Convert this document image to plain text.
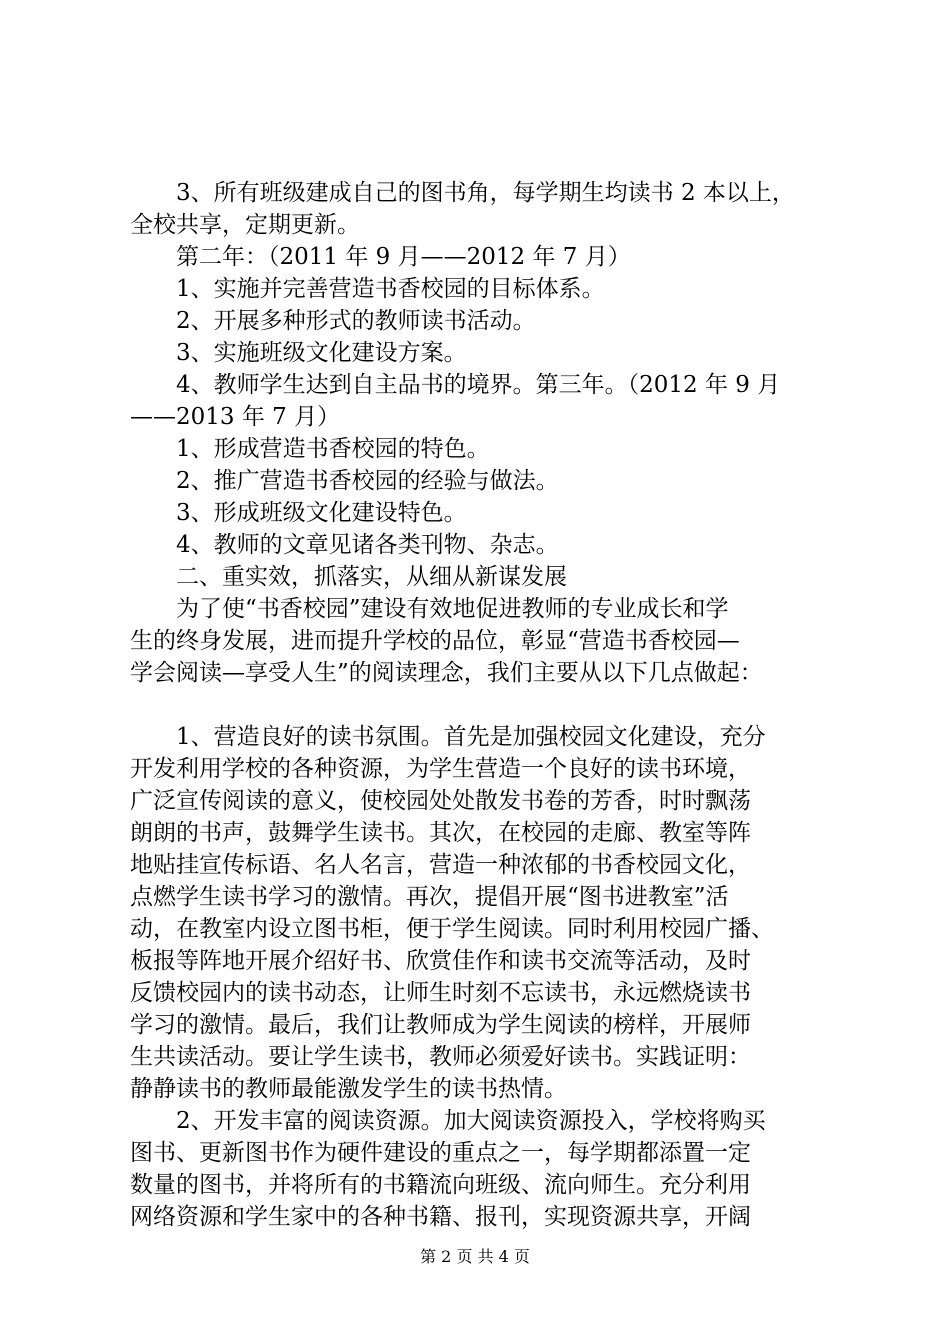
　　3、所有班级建成自己的图书角，每学期生均读书 2 本以上，
全校共享，定期更新。
　　第二年：（2011 年 9 月——2012 年 7 月）
　　1、实施并完善营造书香校园的目标体系。
　　2、开展多种形式的教师读书活动。
　　3、实施班级文化建设方案。
　　4、教师学生达到自主品书的境界。第三年。（2012 年 9 月
——2013 年 7 月）
　　1、形成营造书香校园的特色。
　　2、推广营造书香校园的经验与做法。
　　3、形成班级文化建设特色。
　　4、教师的文章见诸各类刊物、杂志。
　　二、重实效，抓落实，从细从新谋发展
　　为了使“书香校园”建设有效地促进教师的专业成长和学
生的终身发展，进而提升学校的品位，彰显“营造书香校园—
学会阅读—享受人生”的阅读理念，我们主要从以下几点做起：
　　1、营造良好的读书氛围。首先是加强校园文化建设，充分
开发利用学校的各种资源，为学生营造一个良好的读书环境，
广泛宣传阅读的意义，使校园处处散发书卷的芳香，时时飘荡
朗朗的书声，鼓舞学生读书。其次，在校园的走廊、教室等阵
地贴挂宣传标语、名人名言，营造一种浓郁的书香校园文化，
点燃学生读书学习的激情。再次，提倡开展“图书进教室”活
动，在教室内设立图书柜，便于学生阅读。同时利用校园广播、
板报等阵地开展介绍好书、欣赏佳作和读书交流等活动，及时
反馈校园内的读书动态，让师生时刻不忘读书，永远燃烧读书
学习的激情。最后，我们让教师成为学生阅读的榜样，开展师
生共读活动。要让学生读书，教师必须爱好读书。实践证明：
静静读书的教师最能激发学生的读书热情。
　　2、开发丰富的阅读资源。加大阅读资源投入，学校将购买
图书、更新图书作为硬件建设的重点之一，每学期都添置一定
数量的图书，并将所有的书籍流向班级、流向师生。充分利用
网络资源和学生家中的各种书籍、报刊，实现资源共享，开阔
第 2 页 共 4 页
